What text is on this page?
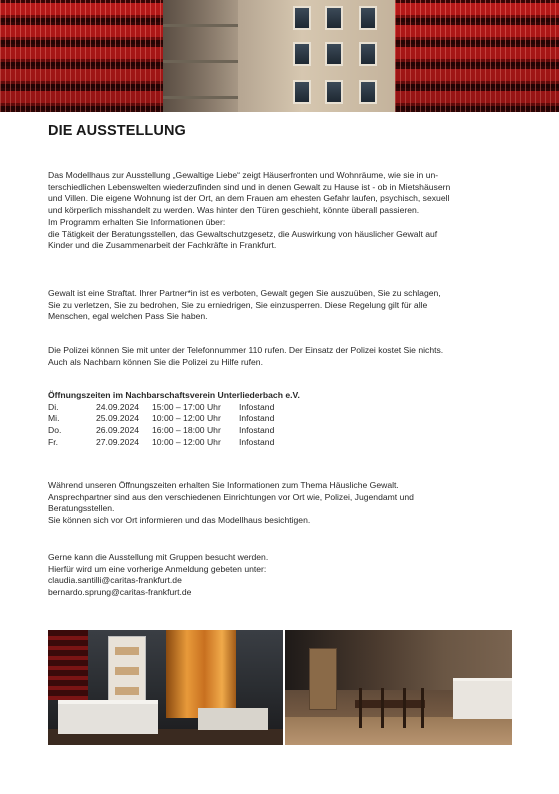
DIE AUSSTELLUNG

Das Modellhaus zur Ausstellung „Gewaltige Liebe“ zeigt Häuserfronten und Wohnräume, wie sie in un-

terschiedlichen Lebenswelten wiederzufinden sind und in denen Gewalt zu Hause ist - ob in Mietshäusern

und Villen. Die eigene Wohnung ist der Ort, an dem Frauen am ehesten Gefahr laufen, psychisch, sexuell

und körperlich misshandelt zu werden. Was hinter den Türen geschieht, könnte überall passieren.

Im Programm erhalten Sie Informationen über:

die Tätigkeit der Beratungsstellen, das Gewaltschutzgesetz, die Auswirkung von häuslicher Gewalt auf

Kinder und die Zusammenarbeit der Fachkräfte in Frankfurt.

Gewalt ist eine Straftat. Ihrer Partner*in ist es verboten, Gewalt gegen Sie auszuüben, Sie zu schlagen,

Sie zu verletzen, Sie zu bedrohen, Sie zu erniedrigen, Sie einzusperren. Diese Regelung gilt für alle

Menschen, egal welchen Pass Sie haben.

Die Polizei können Sie mit unter der Telefonnummer 110 rufen. Der Einsatz der Polizei kostet Sie nichts.

Auch als Nachbarn können Sie die Polizei zu Hilfe rufen.

Öffnungszeiten im Nachbarschaftsverein Unterliederbach e.V.

Di.	24.09.2024	15:00 – 17:00 Uhr	Infostand
Mi.	25.09.2024	10:00 – 12:00 Uhr	Infostand
Do.	26.09.2024	16:00 – 18:00 Uhr	Infostand
Fr.	27.09.2024	10:00 – 12:00 Uhr	Infostand

Während unseren Öffnungszeiten erhalten Sie Informationen zum Thema Häusliche Gewalt.

Ansprechpartner sind aus den verschiedenen Einrichtungen vor Ort wie, Polizei, Jugendamt und

Beratungsstellen.

Sie können sich vor Ort informieren und das Modellhaus besichtigen.

Gerne kann die Ausstellung mit Gruppen besucht werden.

Hierfür wird um eine vorherige Anmeldung gebeten unter:

claudia.santilli@caritas-frankfurt.de

bernardo.sprung@caritas-frankfurt.de
